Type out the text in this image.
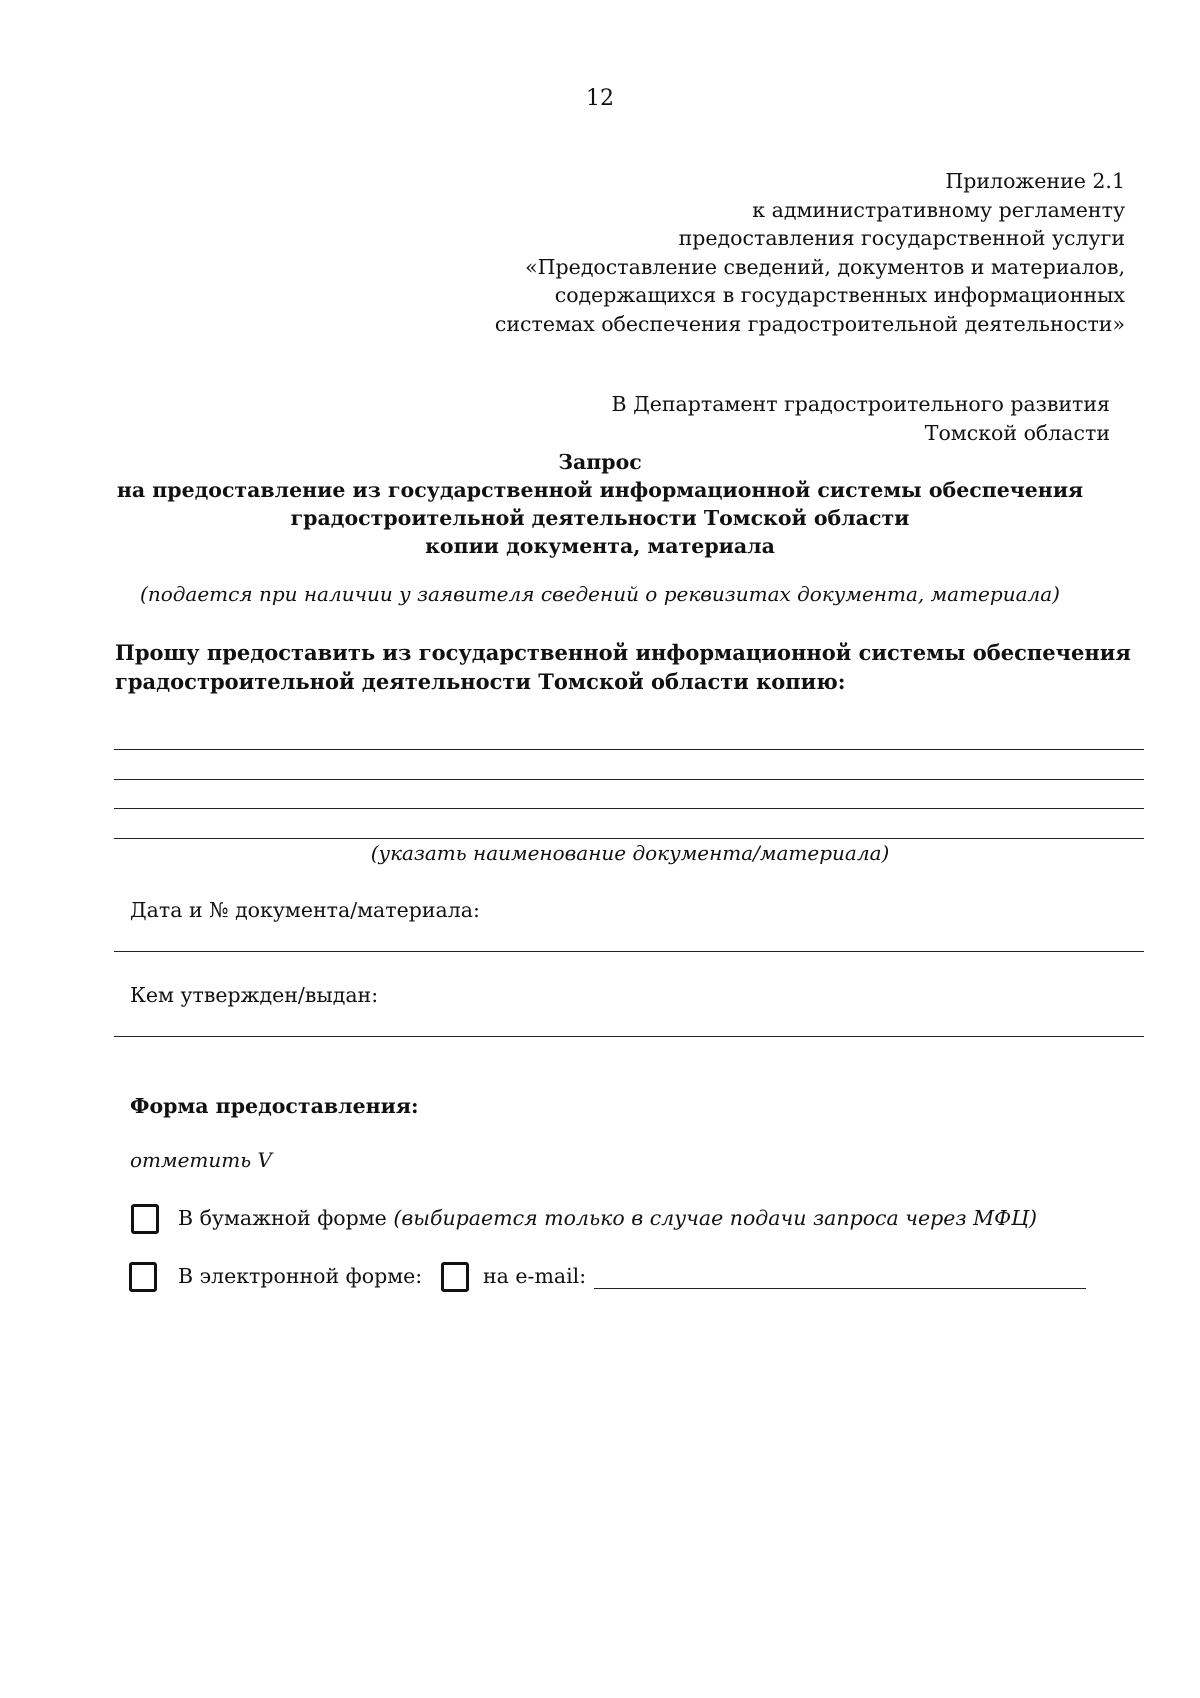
12
Приложение 2.1
к административному регламенту
предоставления государственной услуги
«Предоставление сведений, документов и материалов,
содержащихся в государственных информационных
системах обеспечения градостроительной деятельности»
В Департамент градостроительного развития
Томской области
Запрос
на предоставление из государственной информационной системы обеспечения
градостроительной деятельности Томской области
копии документа, материала
(подается при наличии у заявителя сведений о реквизитах документа, материала)
Прошу предоставить из государственной информационной системы обеспечения
градостроительной деятельности Томской области копию:
(указать наименование документа/материала)
Дата и № документа/материала:
Кем утвержден/выдан:
Форма предоставления:
отметить V
В бумажной форме (выбирается только в случае подачи запроса через МФЦ)
В электронной форме:	на e-mail:
